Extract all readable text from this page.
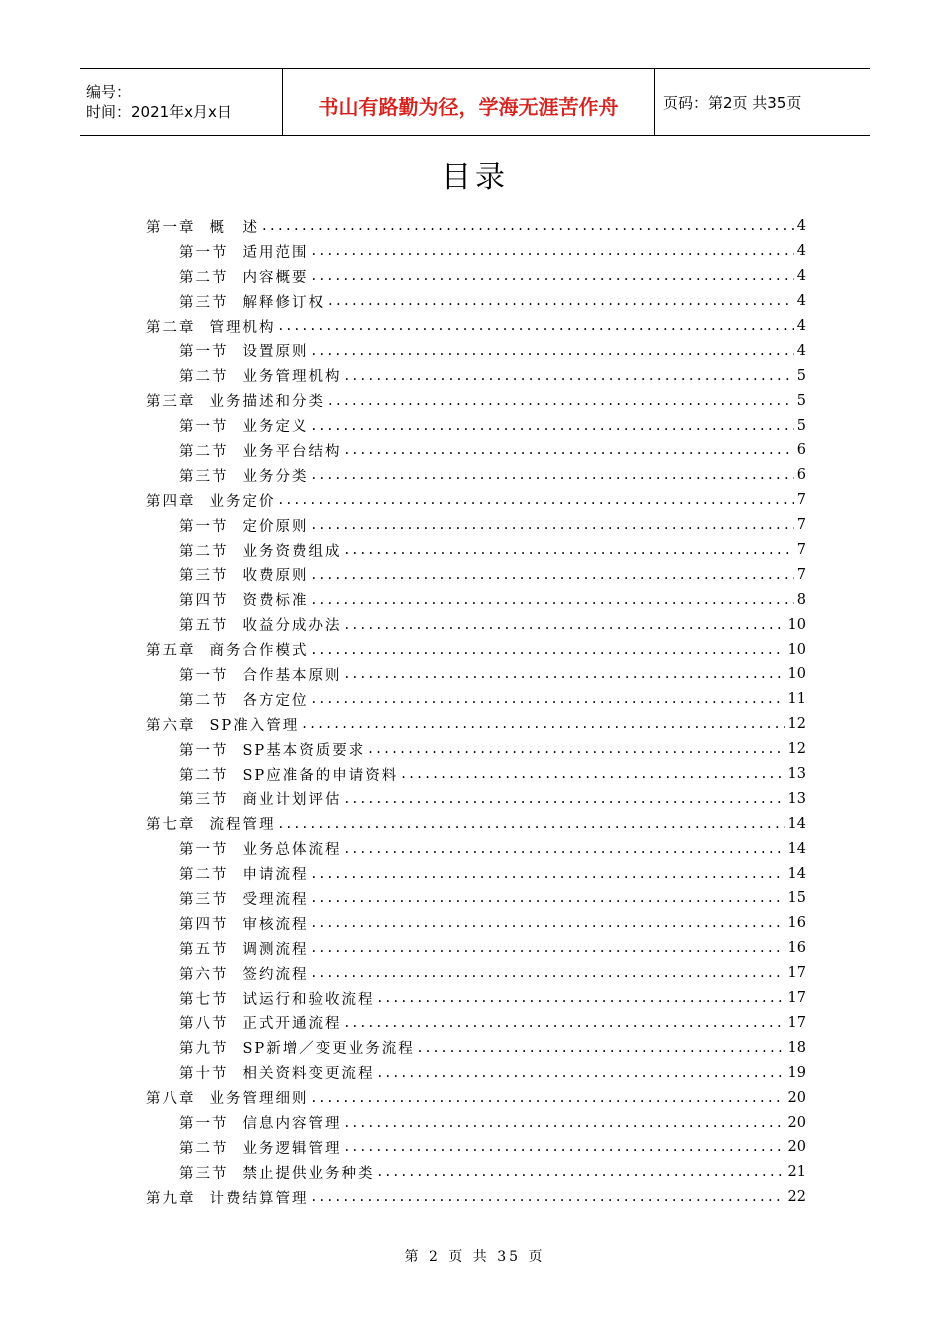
编号：
时间：2021年x月x日	书山有路勤为径，学海无涯苦作舟	页码：第2页 共35页
目录
第一章 概　述 .....	4
第一节 适用范围 .....	4
第二节 内容概要 .....	4
第三节 解释修订权 .....	4
第二章 管理机构 .....	4
第一节 设置原则 .....	4
第二节 业务管理机构 .....	5
第三章 业务描述和分类 .....	5
第一节 业务定义 .....	5
第二节 业务平台结构 .....	6
第三节 业务分类 .....	6
第四章 业务定价 .....	7
第一节 定价原则 .....	7
第二节 业务资费组成 .....	7
第三节 收费原则 .....	7
第四节 资费标准 .....	8
第五节 收益分成办法 .....	10
第五章 商务合作模式 .....	10
第一节 合作基本原则 .....	10
第二节 各方定位 .....	11
第六章 SP准入管理 .....	12
第一节 SP基本资质要求 .....	12
第二节 SP应准备的申请资料 .....	13
第三节 商业计划评估 .....	13
第七章 流程管理 .....	14
第一节 业务总体流程 .....	14
第二节 申请流程 .....	14
第三节 受理流程 .....	15
第四节 审核流程 .....	16
第五节 调测流程 .....	16
第六节 签约流程 .....	17
第七节 试运行和验收流程 .....	17
第八节 正式开通流程 .....	17
第九节 SP新增／变更业务流程 .....	18
第十节 相关资料变更流程 .....	19
第八章 业务管理细则 .....	20
第一节 信息内容管理 .....	20
第二节 业务逻辑管理 .....	20
第三节 禁止提供业务种类 .....	21
第九章 计费结算管理 .....	22
第 2 页 共 35 页
